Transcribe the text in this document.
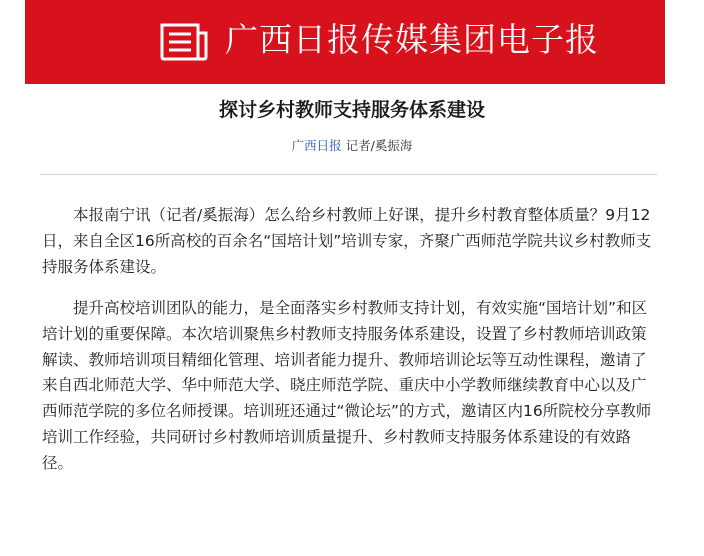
广西日报传媒集团电子报
探讨乡村教师支持服务体系建设
广西日报 记者/奚振海

本报南宁讯（记者/奚振海）怎么给乡村教师上好课，提升乡村教育整体质量？9月12日，来自全区16所高校的百余名“国培计划”培训专家，齐聚广西师范学院共议乡村教师支持服务体系建设。

提升高校培训团队的能力，是全面落实乡村教师支持计划，有效实施“国培计划”和区培计划的重要保障。本次培训聚焦乡村教师支持服务体系建设，设置了乡村教师培训政策解读、教师培训项目精细化管理、培训者能力提升、教师培训论坛等互动性课程，邀请了来自西北师范大学、华中师范大学、晓庄师范学院、重庆中小学教师继续教育中心以及广西师范学院的多位名师授课。培训班还通过“微论坛”的方式，邀请区内16所院校分享教师培训工作经验，共同研讨乡村教师培训质量提升、乡村教师支持服务体系建设的有效路径。
